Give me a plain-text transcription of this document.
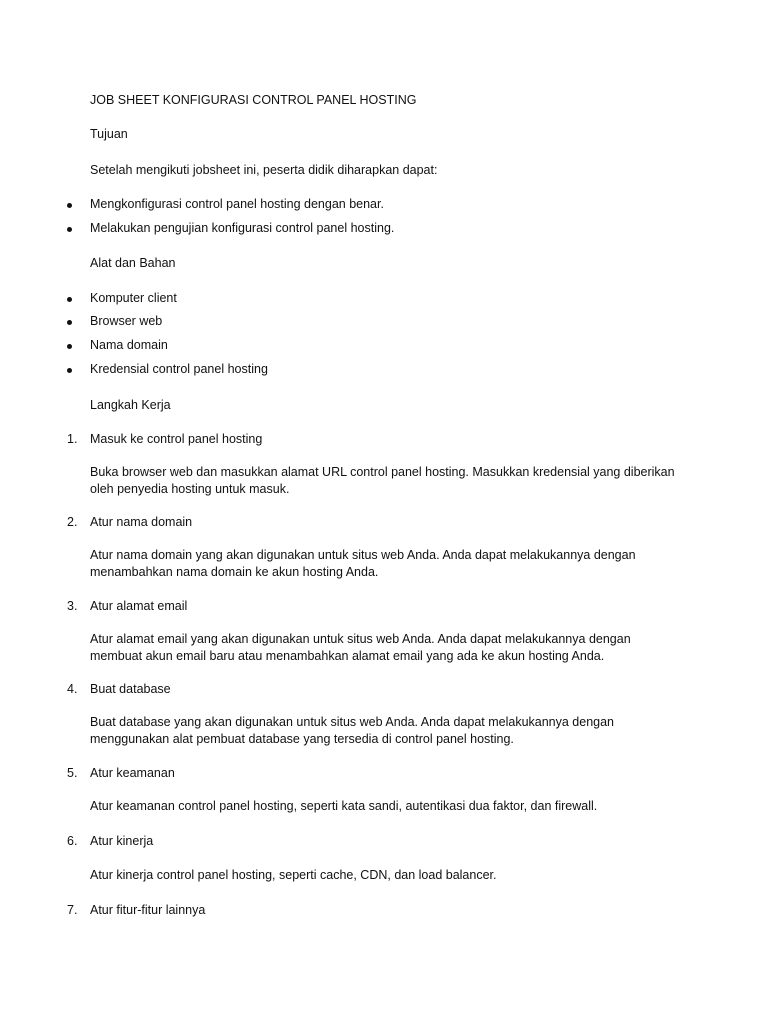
JOB SHEET KONFIGURASI CONTROL PANEL HOSTING
Tujuan
Setelah mengikuti jobsheet ini, peserta didik diharapkan dapat:
Mengkonfigurasi control panel hosting dengan benar.
Melakukan pengujian konfigurasi control panel hosting.
Alat dan Bahan
Komputer client
Browser web
Nama domain
Kredensial control panel hosting
Langkah Kerja
1. Masuk ke control panel hosting
Buka browser web dan masukkan alamat URL control panel hosting. Masukkan kredensial yang diberikan
oleh penyedia hosting untuk masuk.
2. Atur nama domain
Atur nama domain yang akan digunakan untuk situs web Anda. Anda dapat melakukannya dengan
menambahkan nama domain ke akun hosting Anda.
3. Atur alamat email
Atur alamat email yang akan digunakan untuk situs web Anda. Anda dapat melakukannya dengan
membuat akun email baru atau menambahkan alamat email yang ada ke akun hosting Anda.
4. Buat database
Buat database yang akan digunakan untuk situs web Anda. Anda dapat melakukannya dengan
menggunakan alat pembuat database yang tersedia di control panel hosting.
5. Atur keamanan
Atur keamanan control panel hosting, seperti kata sandi, autentikasi dua faktor, dan firewall.
6. Atur kinerja
Atur kinerja control panel hosting, seperti cache, CDN, dan load balancer.
7. Atur fitur-fitur lainnya
